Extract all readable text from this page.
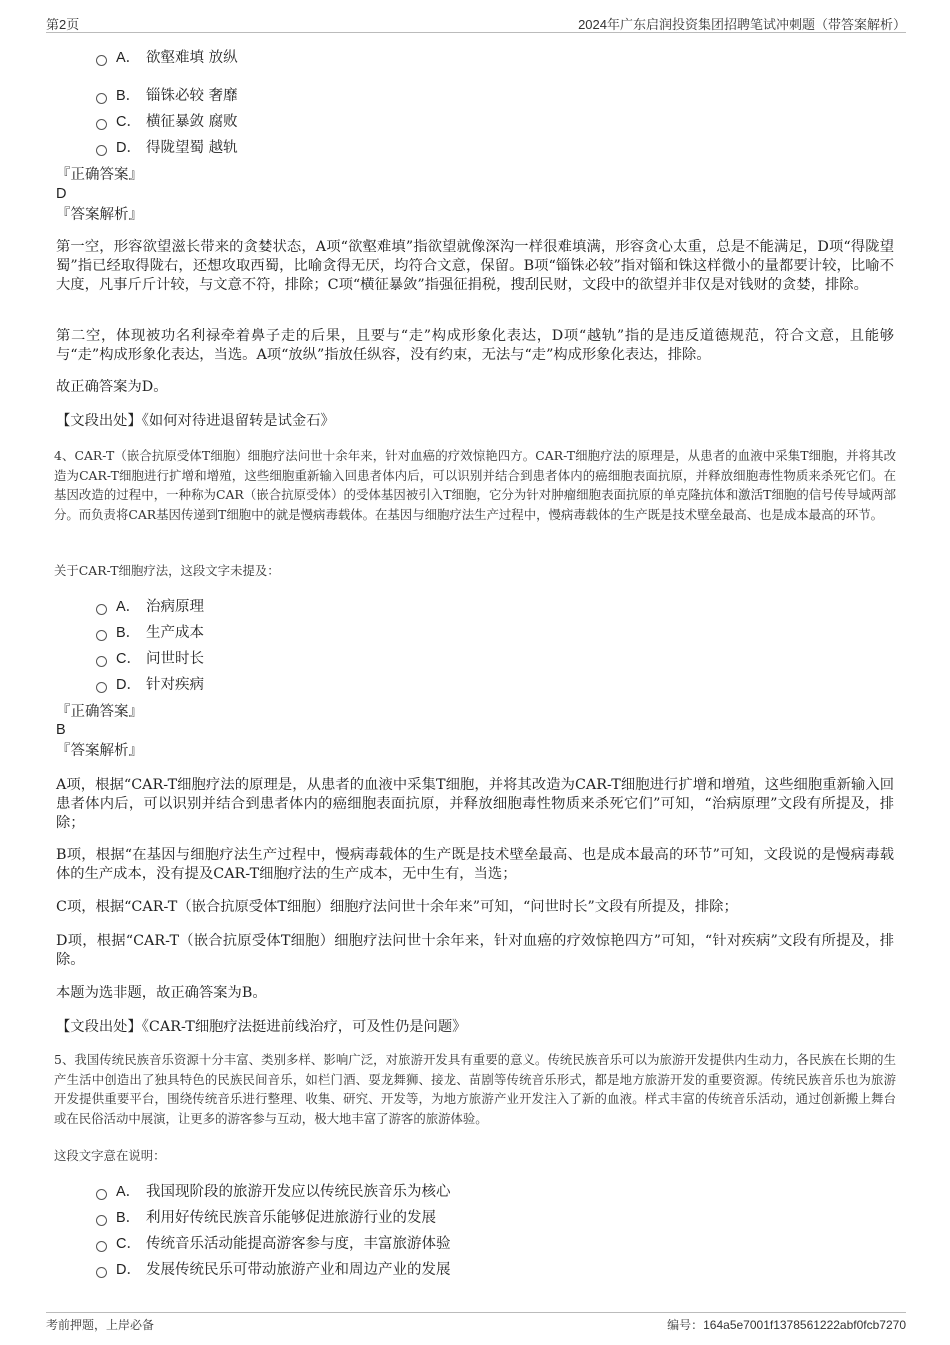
第2页	2024年广东启润投资集团招聘笔试冲刺题（带答案解析）
A． 欲壑难填 放纵
B． 锱铢必较 奢靡
C． 横征暴敛 腐败
D． 得陇望蜀 越轨
『正确答案』
D
『答案解析』
第一空，形容欲望滋长带来的贪婪状态，A项“欲壑难填”指欲望就像深沟一样很难填满，形容贪心太重，总是不能满足，D项“得陇望蜀”指已经取得陇右，还想攻取西蜀，比喻贪得无厌，均符合文意，保留。B项“锱铢必较”指对锱和铢这样微小的量都要计较，比喻不大度，凡事斤斤计较，与文意不符，排除；C项“横征暴敛”指强征捐税，搜刮民财，文段中的欲望并非仅是对钱财的贪婪，排除。
第二空，体现被功名利禄牵着鼻子走的后果，且要与“走”构成形象化表达，D项“越轨”指的是违反道德规范，符合文意，且能够与“走”构成形象化表达，当选。A项“放纵”指放任纵容，没有约束，无法与“走”构成形象化表达，排除。
故正确答案为D。
【文段出处】《如何对待进退留转是试金石》
4、CAR-T（嵌合抗原受体T细胞）细胞疗法问世十余年来，针对血癌的疗效惊艳四方。CAR-T细胞疗法的原理是，从患者的血液中采集T细胞，并将其改造为CAR-T细胞进行扩增和增殖，这些细胞重新输入回患者体内后，可以识别并结合到患者体内的癌细胞表面抗原，并释放细胞毒性物质来杀死它们。在基因改造的过程中，一种称为CAR（嵌合抗原受体）的受体基因被引入T细胞，它分为针对肿瘤细胞表面抗原的单克隆抗体和激活T细胞的信号传导域两部分。而负责将CAR基因传递到T细胞中的就是慢病毒载体。在基因与细胞疗法生产过程中，慢病毒载体的生产既是技术壁垒最高、也是成本最高的环节。
关于CAR-T细胞疗法，这段文字未提及：
A． 治病原理
B． 生产成本
C． 问世时长
D． 针对疾病
『正确答案』
B
『答案解析』
A项，根据“CAR-T细胞疗法的原理是，从患者的血液中采集T细胞，并将其改造为CAR-T细胞进行扩增和增殖，这些细胞重新输入回患者体内后，可以识别并结合到患者体内的癌细胞表面抗原，并释放细胞毒性物质来杀死它们”可知，“治病原理”文段有所提及，排除；
B项，根据“在基因与细胞疗法生产过程中，慢病毒载体的生产既是技术壁垒最高、也是成本最高的环节”可知，文段说的是慢病毒载体的生产成本，没有提及CAR-T细胞疗法的生产成本，无中生有，当选；
C项，根据“CAR-T（嵌合抗原受体T细胞）细胞疗法问世十余年来”可知，“问世时长”文段有所提及，排除；
D项，根据“CAR-T（嵌合抗原受体T细胞）细胞疗法问世十余年来，针对血癌的疗效惊艳四方”可知，“针对疾病”文段有所提及，排除。
本题为选非题，故正确答案为B。
【文段出处】《CAR-T细胞疗法挺进前线治疗，可及性仍是问题》
5、我国传统民族音乐资源十分丰富、类别多样、影响广泛，对旅游开发具有重要的意义。传统民族音乐可以为旅游开发提供内生动力，各民族在长期的生产生活中创造出了独具特色的民族民间音乐，如栏门酒、耍龙舞狮、接龙、苗剧等传统音乐形式，都是地方旅游开发的重要资源。传统民族音乐也为旅游开发提供重要平台，围绕传统音乐进行整理、收集、研究、开发等，为地方旅游产业开发注入了新的血液。样式丰富的传统音乐活动，通过创新搬上舞台或在民俗活动中展演，让更多的游客参与互动，极大地丰富了游客的旅游体验。
这段文字意在说明：
A． 我国现阶段的旅游开发应以传统民族音乐为核心
B． 利用好传统民族音乐能够促进旅游行业的发展
C． 传统音乐活动能提高游客参与度，丰富旅游体验
D． 发展传统民乐可带动旅游产业和周边产业的发展
考前押题，上岸必备	编号：164a5e7001f1378561222abf0fcb7270
